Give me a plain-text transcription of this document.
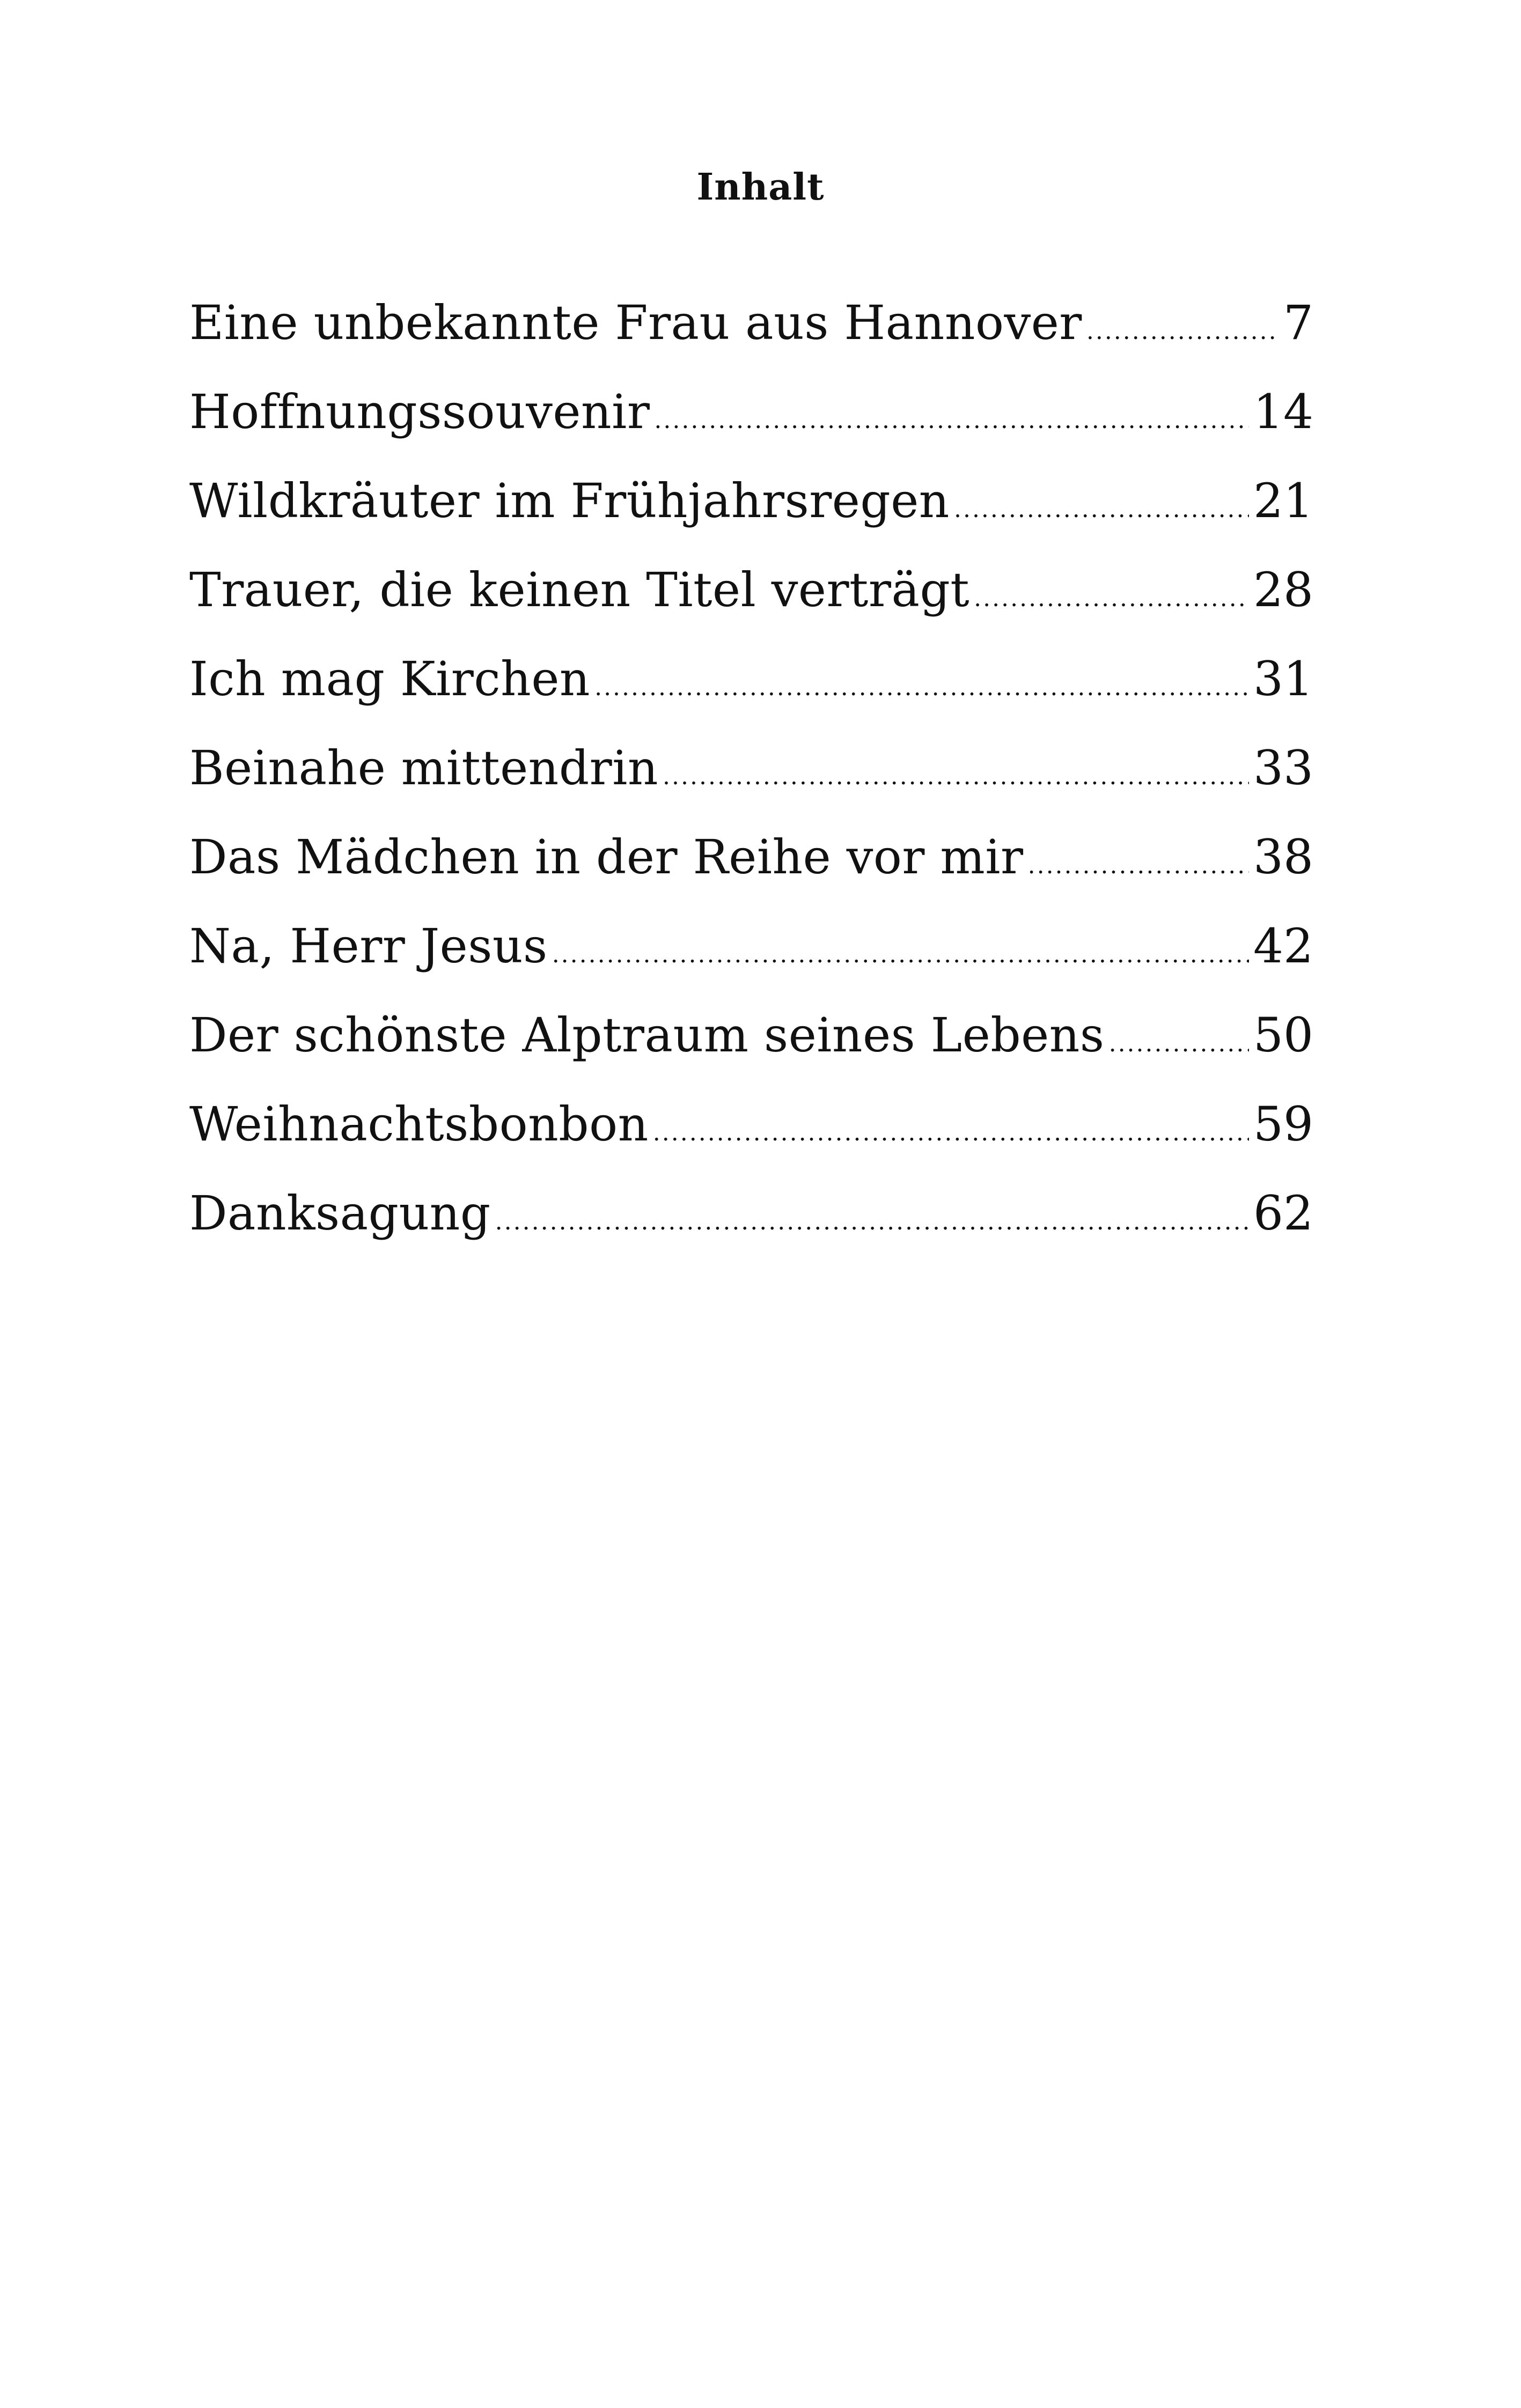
Inhalt
Eine unbekannte Frau aus Hannover .....	7
Hoffnungssouvenir .....	14
Wildkräuter im Frühjahrsregen .....	21
Trauer, die keinen Titel verträgt .....	28
Ich mag Kirchen .....	31
Beinahe mittendrin .....	33
Das Mädchen in der Reihe vor mir .....	38
Na, Herr Jesus .....	42
Der schönste Alptraum seines Lebens .....	50
Weihnachtsbonbon .....	59
Danksagung .....	62
